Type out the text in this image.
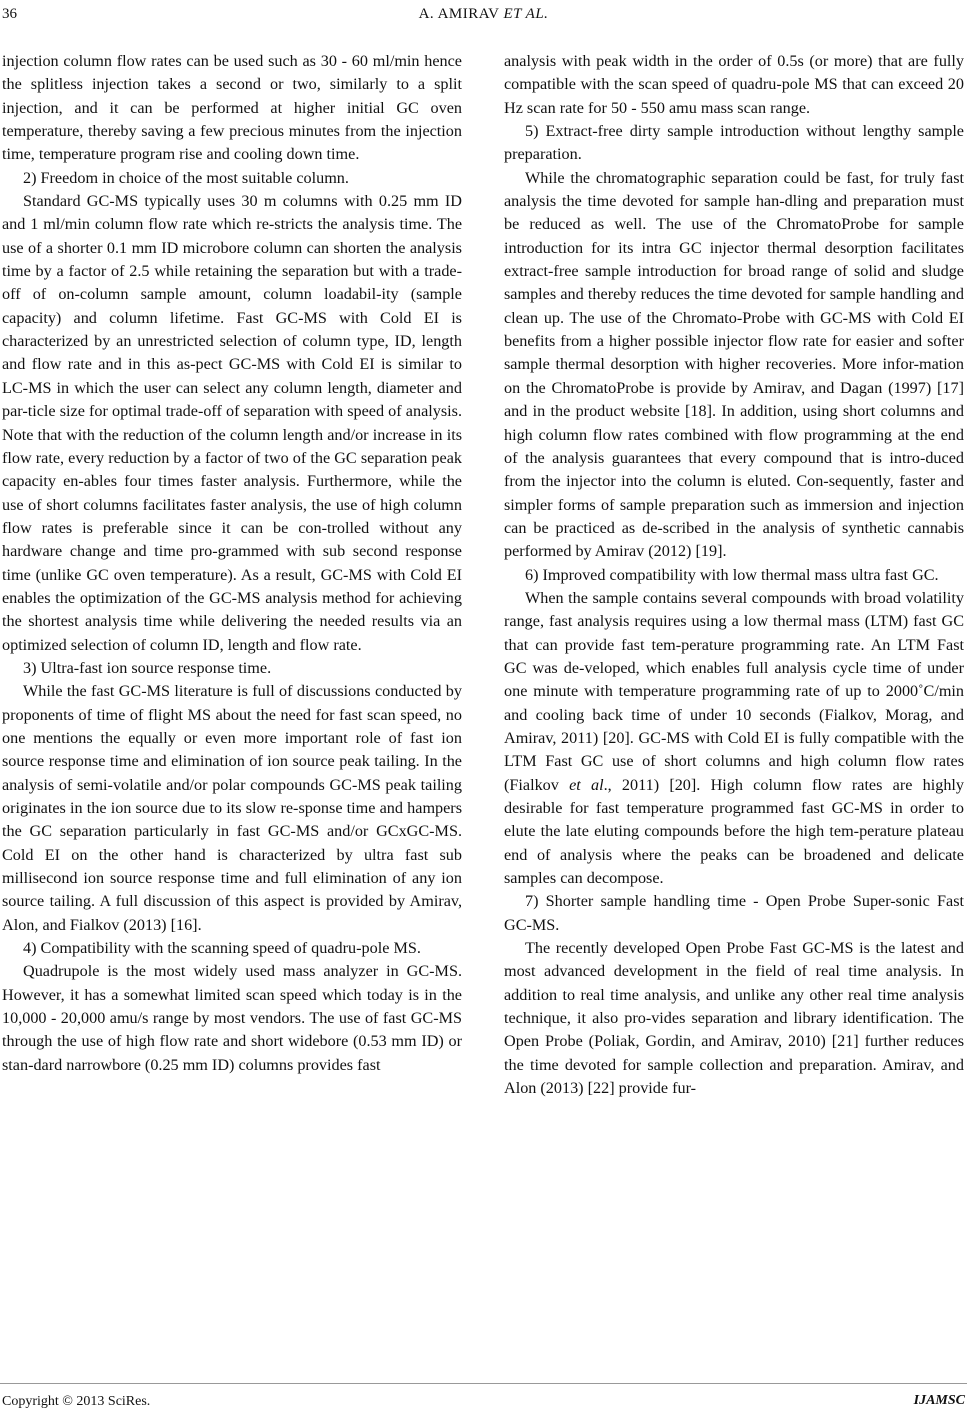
36	A. AMIRAV ET AL.

injection column flow rates can be used such as 30 - 60 ml/min hence the splitless injection takes a second or two, similarly to a split injection, and it can be performed at higher initial GC oven temperature, thereby saving a few precious minutes from the injection time, temperature program rise and cooling down time.

2) Freedom in choice of the most suitable column.

Standard GC-MS typically uses 30 m columns with 0.25 mm ID and 1 ml/min column flow rate which re-stricts the analysis time. The use of a shorter 0.1 mm ID microbore column can shorten the analysis time by a factor of 2.5 while retaining the separation but with a trade-off of on-column sample amount, column loadabil-ity (sample capacity) and column lifetime. Fast GC-MS with Cold EI is characterized by an unrestricted selection of column type, ID, length and flow rate and in this as-pect GC-MS with Cold EI is similar to LC-MS in which the user can select any column length, diameter and par-ticle size for optimal trade-off of separation with speed of analysis. Note that with the reduction of the column length and/or increase in its flow rate, every reduction by a factor of two of the GC separation peak capacity en-ables four times faster analysis. Furthermore, while the use of short columns facilitates faster analysis, the use of high column flow rates is preferable since it can be con-trolled without any hardware change and time pro-grammed with sub second response time (unlike GC oven temperature). As a result, GC-MS with Cold EI enables the optimization of the GC-MS analysis method for achieving the shortest analysis time while delivering the needed results via an optimized selection of column ID, length and flow rate.

3) Ultra-fast ion source response time.

While the fast GC-MS literature is full of discussions conducted by proponents of time of flight MS about the need for fast scan speed, no one mentions the equally or even more important role of fast ion source response time and elimination of ion source peak tailing. In the analysis of semi-volatile and/or polar compounds GC-MS peak tailing originates in the ion source due to its slow re-sponse time and hampers the GC separation particularly in fast GC-MS and/or GCxGC-MS. Cold EI on the other hand is characterized by ultra fast sub millisecond ion source response time and full elimination of any ion source tailing. A full discussion of this aspect is provided by Amirav, Alon, and Fialkov (2013) [16].

4) Compatibility with the scanning speed of quadru-pole MS.

Quadrupole is the most widely used mass analyzer in GC-MS. However, it has a somewhat limited scan speed which today is in the 10,000 - 20,000 amu/s range by most vendors. The use of fast GC-MS through the use of high flow rate and short widebore (0.53 mm ID) or stan-dard narrowbore (0.25 mm ID) columns provides fast

analysis with peak width in the order of 0.5s (or more) that are fully compatible with the scan speed of quadru-pole MS that can exceed 20 Hz scan rate for 50 - 550 amu mass scan range.

5) Extract-free dirty sample introduction without lengthy sample preparation.

While the chromatographic separation could be fast, for truly fast analysis the time devoted for sample han-dling and preparation must be reduced as well. The use of the ChromatoProbe for sample introduction for its intra GC injector thermal desorption facilitates extract-free sample introduction for broad range of solid and sludge samples and thereby reduces the time devoted for sample handling and clean up. The use of the Chromato-Probe with GC-MS with Cold EI benefits from a higher possible injector flow rate for easier and softer sample thermal desorption with higher recoveries. More infor-mation on the ChromatoProbe is provide by Amirav, and Dagan (1997) [17] and in the product website [18]. In addition, using short columns and high column flow rates combined with flow programming at the end of the analysis guarantees that every compound that is intro-duced from the injector into the column is eluted. Con-sequently, faster and simpler forms of sample preparation such as immersion and injection can be practiced as de-scribed in the analysis of synthetic cannabis performed by Amirav (2012) [19].

6) Improved compatibility with low thermal mass ultra fast GC.

When the sample contains several compounds with broad volatility range, fast analysis requires using a low thermal mass (LTM) fast GC that can provide fast tem-perature programming rate. An LTM Fast GC was de-veloped, which enables full analysis cycle time of under one minute with temperature programming rate of up to 2000˚C/min and cooling back time of under 10 seconds (Fialkov, Morag, and Amirav, 2011) [20]. GC-MS with Cold EI is fully compatible with the LTM Fast GC use of short columns and high column flow rates (Fialkov et al., 2011) [20]. High column flow rates are highly desirable for fast temperature programmed fast GC-MS in order to elute the late eluting compounds before the high tem-perature plateau end of analysis where the peaks can be broadened and delicate samples can decompose.

7) Shorter sample handling time - Open Probe Super-sonic Fast GC-MS.

The recently developed Open Probe Fast GC-MS is the latest and most advanced development in the field of real time analysis. In addition to real time analysis, and unlike any other real time analysis technique, it also pro-vides separation and library identification. The Open Probe (Poliak, Gordin, and Amirav, 2010) [21] further reduces the time devoted for sample collection and preparation. Amirav, and Alon (2013) [22] provide fur-

Copyright © 2013 SciRes.	IJAMSC
